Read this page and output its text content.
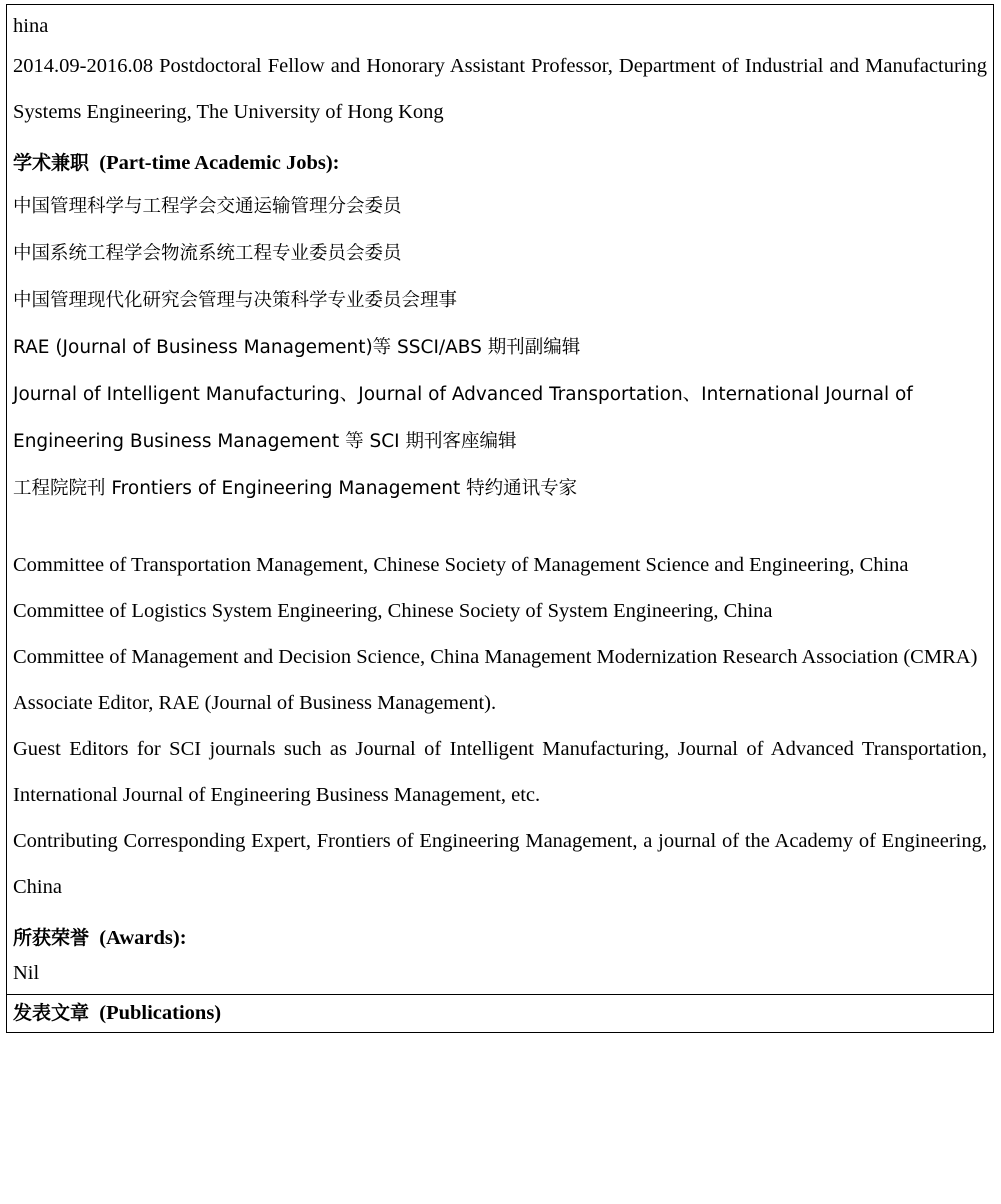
hina

2014.09-2016.08 Postdoctoral Fellow and Honorary Assistant Professor, Department of Industrial and Manufacturing Systems Engineering, The University of Hong Kong

学术兼职 (Part-time Academic Jobs):

中国管理科学与工程学会交通运输管理分会委员

中国系统工程学会物流系统工程专业委员会委员

中国管理现代化研究会管理与决策科学专业委员会理事

RAE (Journal of Business Management)等 SSCI/ABS 期刊副编辑

Journal of Intelligent Manufacturing、Journal of Advanced Transportation、International Journal of Engineering Business Management 等 SCI 期刊客座编辑

工程院院刊 Frontiers of Engineering Management 特约通讯专家

Committee of Transportation Management, Chinese Society of Management Science and Engineering, China

Committee of Logistics System Engineering, Chinese Society of System Engineering, China

Committee of Management and Decision Science, China Management Modernization Research Association (CMRA)

Associate Editor, RAE (Journal of Business Management).

Guest Editors for SCI journals such as Journal of Intelligent Manufacturing, Journal of Advanced Transportation, International Journal of Engineering Business Management, etc.

Contributing Corresponding Expert, Frontiers of Engineering Management, a journal of the Academy of Engineering, China

所获荣誉 (Awards):

Nil

发表文章 (Publications)
